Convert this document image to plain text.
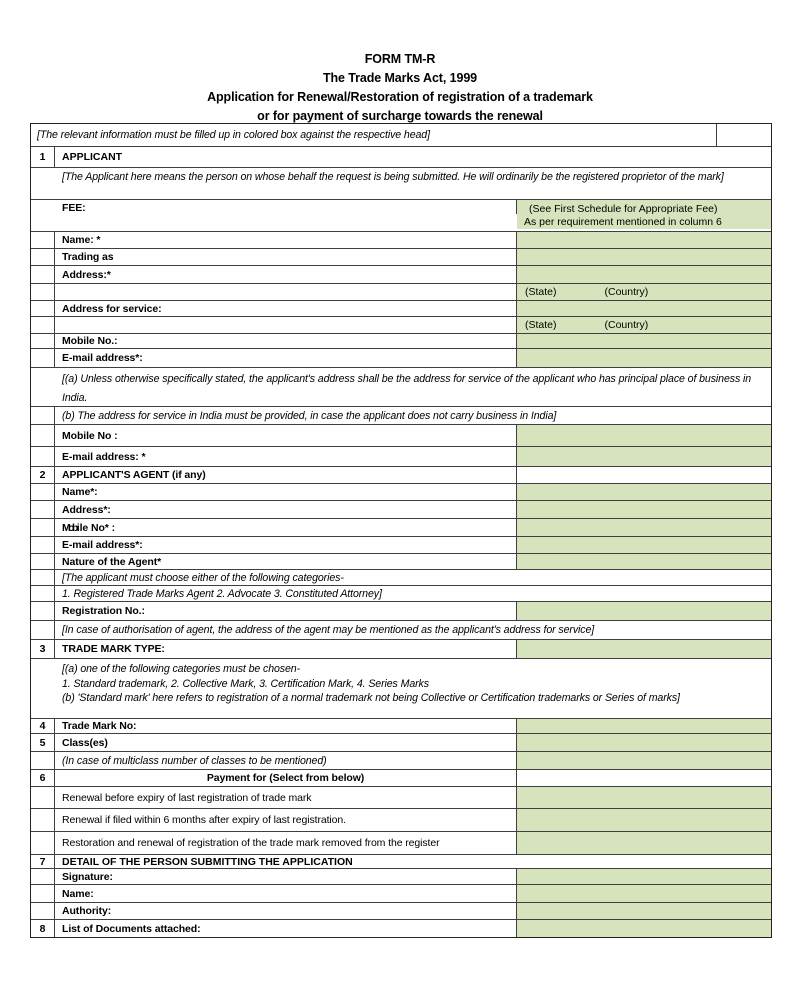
FORM TM-R
The Trade Marks Act, 1999
Application for Renewal/Restoration of registration of a trademark
or for payment of surcharge towards the renewal
[The relevant information must be filled up in colored box against the respective head]
1	APPLICANT
[The Applicant here means the person on whose behalf the request is being submitted. He will ordinarily be the registered proprietor of the mark]
FEE:	(See First Schedule for Appropriate Fee)
As per requirement mentioned in column 6
Name: *
Trading as
Address:*
(State)	(Country)
Address for service:
(State)	(Country)
Mobile No.:
E-mail address*:
[(a) Unless otherwise specifically stated, the applicant's address shall be the address for service of the applicant who has principal place of business in India.
(b) The address for service in India must be provided, in case the applicant does not carry business in India]
Mobile No :
E-mail address: *
2	APPLICANT'S AGENT (if any)
Name*:
Address*:
Mob ile No* :
E-mail address*:
Nature of the Agent*
[The applicant must choose either of the following categories-
1. Registered Trade Marks Agent 2. Advocate 3. Constituted Attorney]
Registration No.:
[In case of authorisation of agent, the address of the agent may be mentioned as the applicant's address for service]
3	TRADE MARK TYPE:
[(a) one of the following categories must be chosen-
1. Standard trademark, 2. Collective Mark, 3. Certification Mark, 4. Series Marks
(b) 'Standard mark' here refers to registration of a normal trademark not being Collective or Certification trademarks or Series of marks]
4	Trade Mark No:
5	Class(es)
(In case of multiclass number of classes to be mentioned)
6	Payment for (Select from below)
Renewal before expiry of last registration of trade mark
Renewal if filed within 6 months after expiry of last registration.
Restoration and renewal of registration of the trade mark removed from the register
7	DETAIL OF THE PERSON SUBMITTING THE APPLICATION
Signature:
Name:
Authority:
8	List of Documents attached:
